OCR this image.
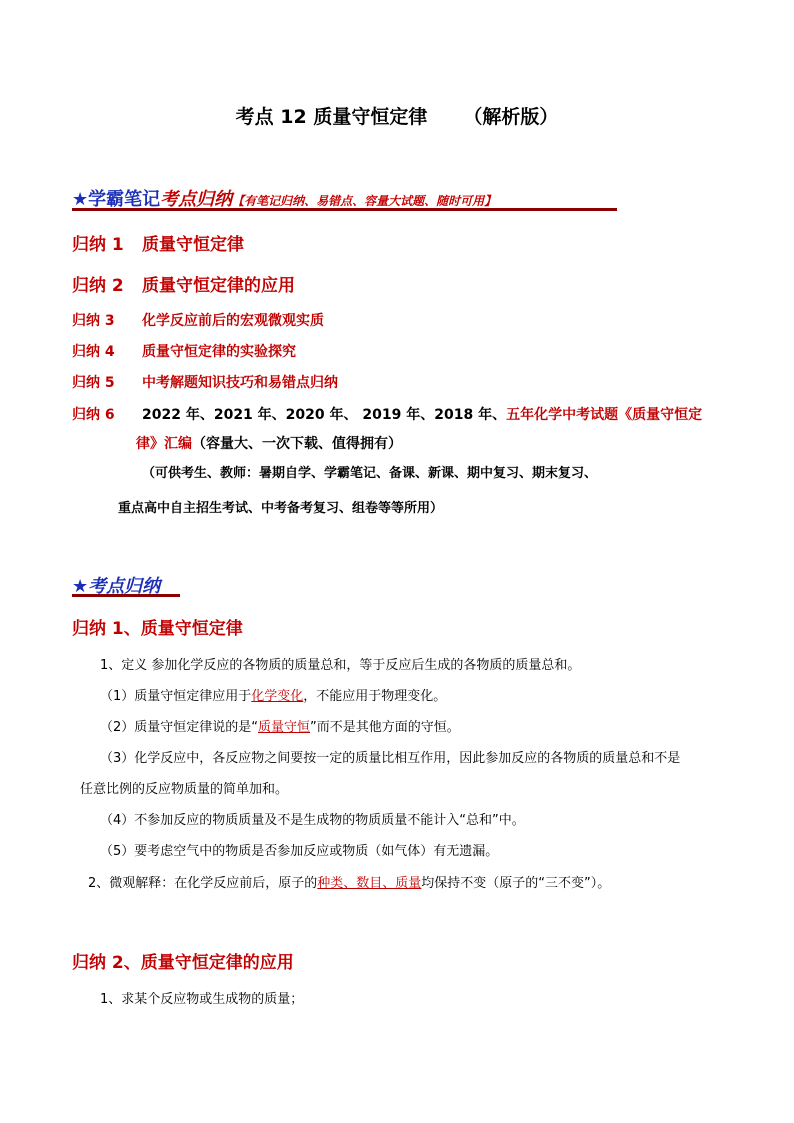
考点 12 质量守恒定律 （解析版）
★学霸笔记考点归纳【有笔记归纳、易错点、容量大试题、随时可用】
归纳 1 质量守恒定律
归纳 2 质量守恒定律的应用
归纳 3 化学反应前后的宏观微观实质
归纳 4 质量守恒定律的实验探究
归纳 5 中考解题知识技巧和易错点归纳
归纳 6 2022 年、2021 年、2020 年、 2019 年、2018 年、五年化学中考试题《质量守恒定
律》汇编（容量大、一次下载、值得拥有）
（可供考生、教师：暑期自学、学霸笔记、备课、新课、期中复习、期末复习、
重点高中自主招生考试、中考备考复习、组卷等等所用）
★考点归纳
归纳 1、质量守恒定律
1、定义 参加化学反应的各物质的质量总和，等于反应后生成的各物质的质量总和。
（1）质量守恒定律应用于化学变化，不能应用于物理变化。
（2）质量守恒定律说的是“质量守恒”而不是其他方面的守恒。
（3）化学反应中，各反应物之间要按一定的质量比相互作用，因此参加反应的各物质的质量总和不是
任意比例的反应物质量的简单加和。
（4）不参加反应的物质质量及不是生成物的物质质量不能计入“总和”中。
（5）要考虑空气中的物质是否参加反应或物质（如气体）有无遗漏。
2、微观解释：在化学反应前后，原子的种类、数目、质量均保持不变（原子的“三不变”）。
归纳 2、质量守恒定律的应用
1、求某个反应物或生成物的质量；
